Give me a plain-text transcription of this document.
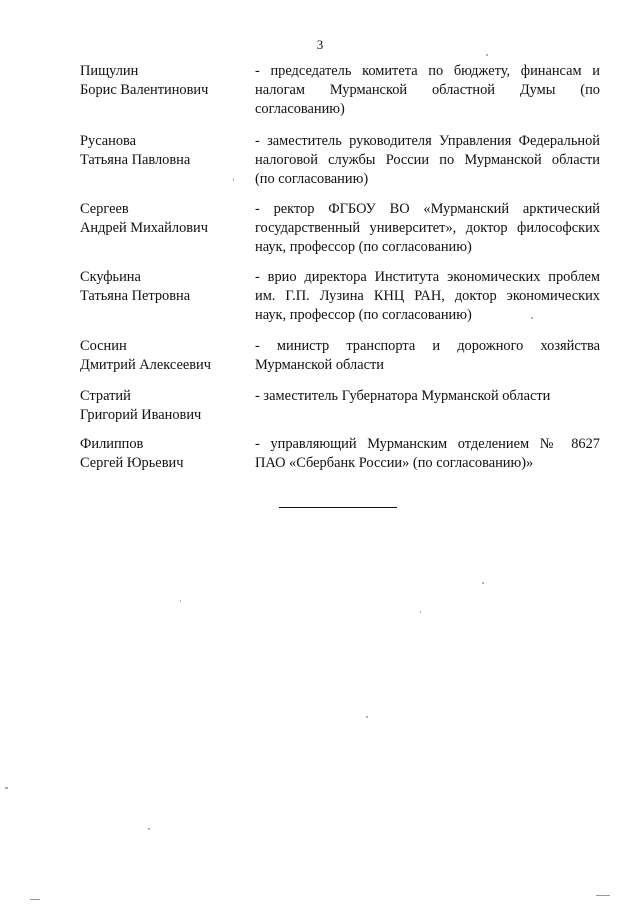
3
Пищулин
Борис Валентинович
- председатель комитета по бюджету, финансам и
налогам Мурманской областной Думы (по
согласованию)
Русанова
Татьяна Павловна
- заместитель руководителя Управления Федеральной
налоговой службы России по Мурманской области
(по согласованию)
Сергеев
Андрей Михайлович
- ректор ФГБОУ ВО «Мурманский арктический
государственный университет», доктор философских
наук, профессор (по согласованию)
Скуфьина
Татьяна Петровна
- врио директора Института экономических проблем
им. Г.П. Лузина КНЦ РАН, доктор экономических
наук, профессор (по согласованию)
Соснин
Дмитрий Алексеевич
- министр транспорта и дорожного хозяйства
Мурманской области
Стратий
Григорий Иванович
- заместитель Губернатора Мурманской области
Филиппов
Сергей Юрьевич
- управляющий Мурманским отделением № 8627
ПАО «Сбербанк России» (по согласованию)»
